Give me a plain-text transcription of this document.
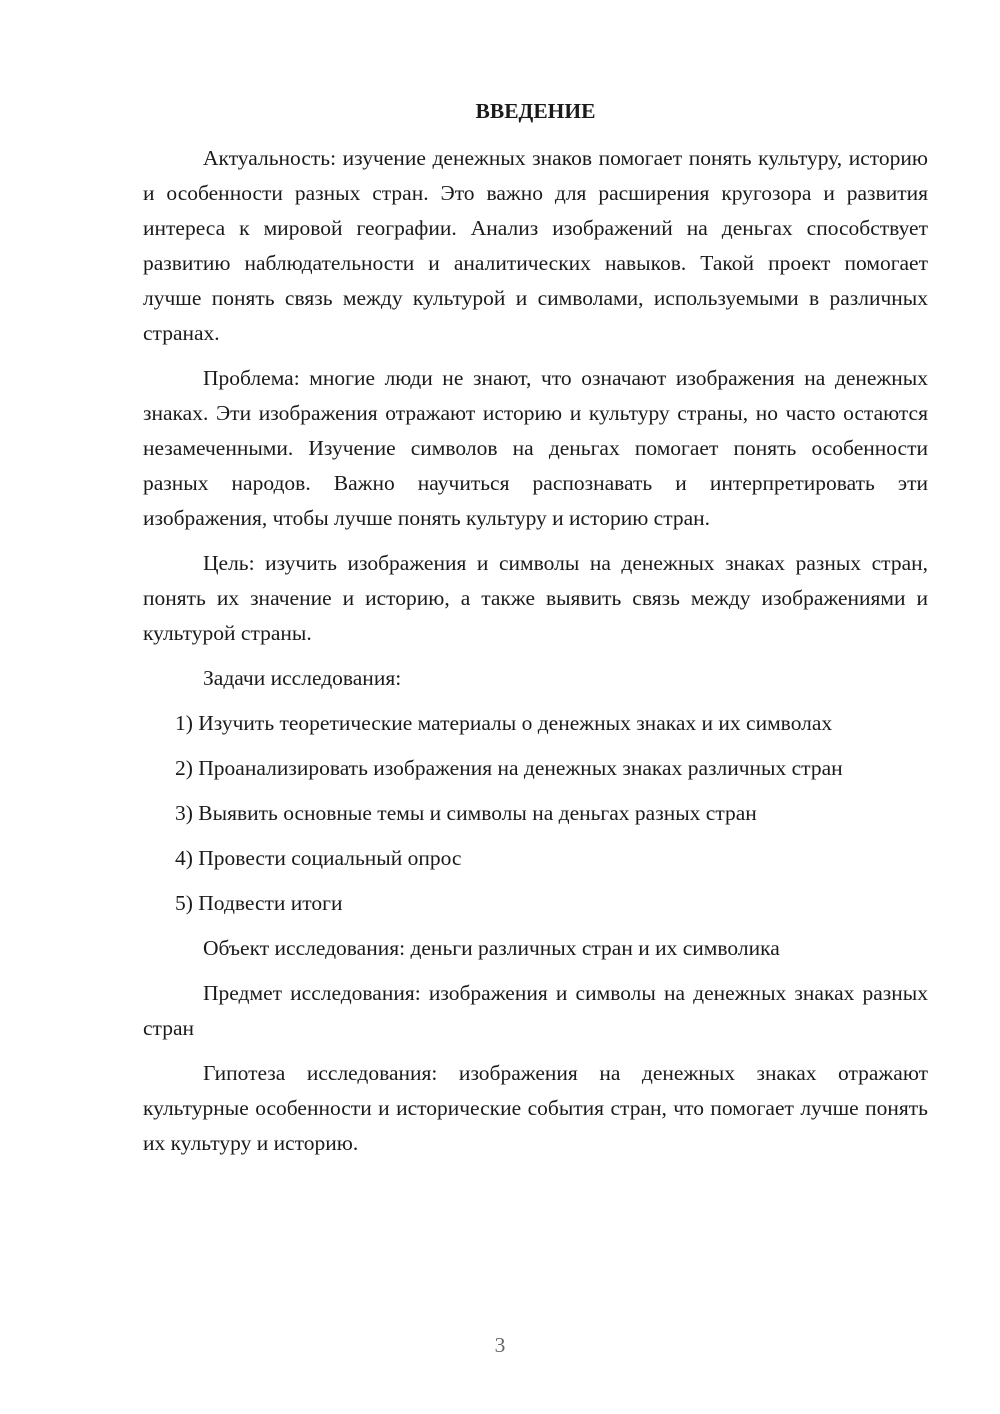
ВВЕДЕНИЕ

Актуальность: изучение денежных знаков помогает понять культуру, историю и особенности разных стран. Это важно для расширения кругозора и развития интереса к мировой географии. Анализ изображений на деньгах способствует развитию наблюдательности и аналитических навыков. Такой проект помогает лучше понять связь между культурой и символами, используемыми в различных странах.

Проблема: многие люди не знают, что означают изображения на денежных знаках. Эти изображения отражают историю и культуру страны, но часто остаются незамеченными. Изучение символов на деньгах помогает понять особенности разных народов. Важно научиться распознавать и интерпретировать эти изображения, чтобы лучше понять культуру и историю стран.

Цель: изучить изображения и символы на денежных знаках разных стран, понять их значение и историю, а также выявить связь между изображениями и культурой страны.

Задачи исследования:

1) Изучить теоретические материалы о денежных знаках и их символах

2) Проанализировать изображения на денежных знаках различных стран

3) Выявить основные темы и символы на деньгах разных стран

4) Провести социальный опрос

5) Подвести итоги

Объект исследования: деньги различных стран и их символика

Предмет исследования: изображения и символы на денежных знаках разных стран

Гипотеза исследования: изображения на денежных знаках отражают культурные особенности и исторические события стран, что помогает лучше понять их культуру и историю.

3
